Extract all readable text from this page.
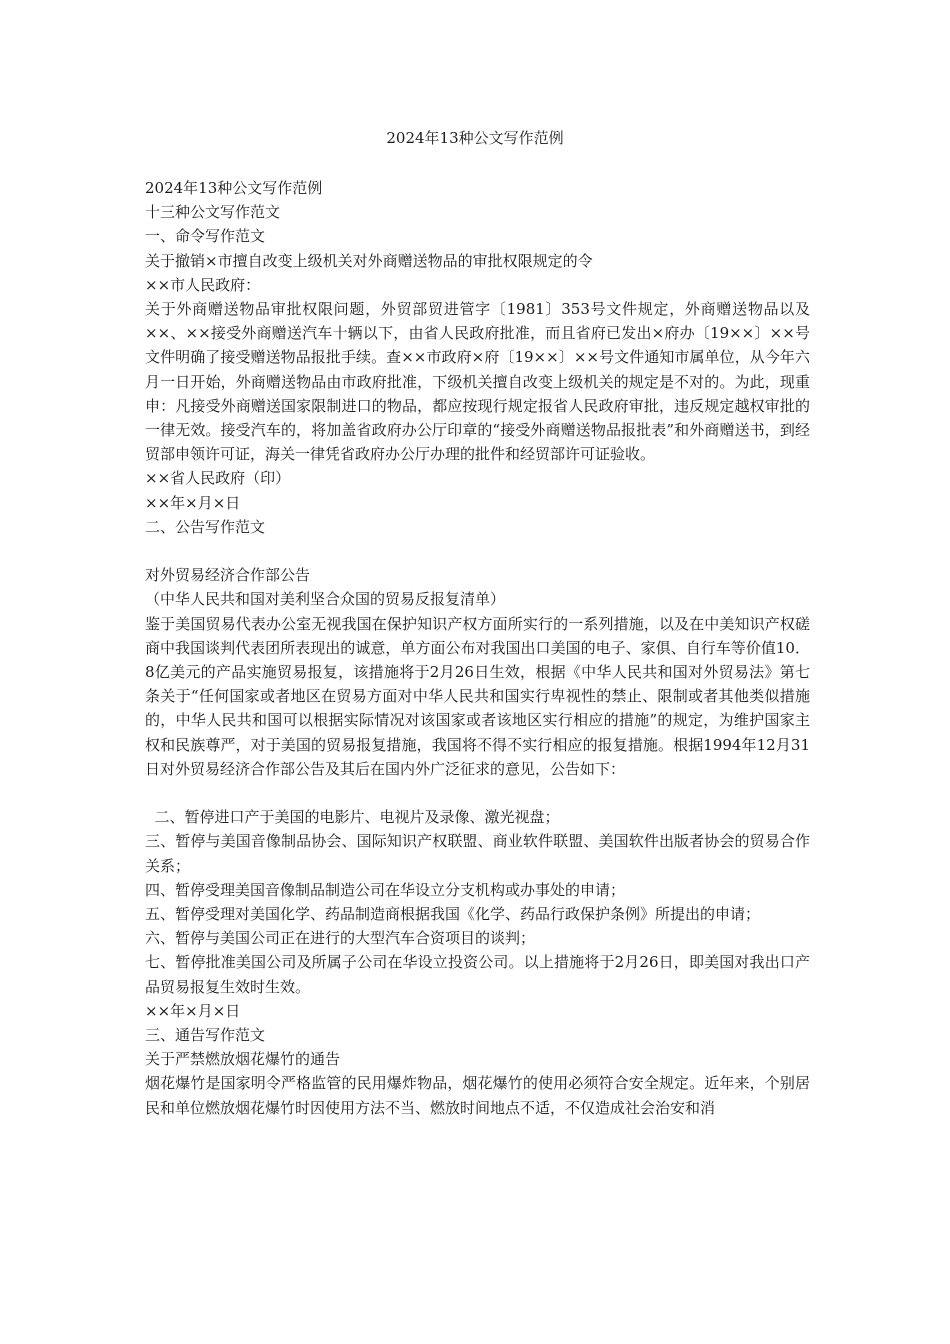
2024年13种公文写作范例

2024年13种公文写作范例

十三种公文写作范文

一、命令写作范文

关于撤销×市擅自改变上级机关对外商赠送物品的审批权限规定的令

××市人民政府：

关于外商赠送物品审批权限问题，外贸部贸进管字〔1981〕353号文件规定，外商赠送物品以及××、××接受外商赠送汽车十辆以下，由省人民政府批准，而且省府已发出×府办〔19××〕××号文件明确了接受赠送物品报批手续。查××市政府×府〔19××〕××号文件通知市属单位，从今年六月一日开始，外商赠送物品由市政府批准，下级机关擅自改变上级机关的规定是不对的。为此，现重申：凡接受外商赠送国家限制进口的物品，都应按现行规定报省人民政府审批，违反规定越权审批的一律无效。接受汽车的，将加盖省政府办公厅印章的“接受外商赠送物品报批表”和外商赠送书，到经贸部申领许可证，海关一律凭省政府办公厅办理的批件和经贸部许可证验收。

××省人民政府（印）

××年×月×日

二、公告写作范文

对外贸易经济合作部公告

（中华人民共和国对美利坚合众国的贸易反报复清单）

鉴于美国贸易代表办公室无视我国在保护知识产权方面所实行的一系列措施，以及在中美知识产权磋商中我国谈判代表团所表现出的诚意，单方面公布对我国出口美国的电子、家俱、自行车等价值10．8亿美元的产品实施贸易报复，该措施将于2月26日生效，根据《中华人民共和国对外贸易法》第七条关于“任何国家或者地区在贸易方面对中华人民共和国实行卑视性的禁止、限制或者其他类似措施的，中华人民共和国可以根据实际情况对该国家或者该地区实行相应的措施”的规定，为维护国家主权和民族尊严，对于美国的贸易报复措施，我国将不得不实行相应的报复措施。根据1994年12月31日对外贸易经济合作部公告及其后在国内外广泛征求的意见，公告如下：

二、暂停进口产于美国的电影片、电视片及录像、激光视盘；

三、暂停与美国音像制品协会、国际知识产权联盟、商业软件联盟、美国软件出版者协会的贸易合作关系；

四、暂停受理美国音像制品制造公司在华设立分支机构或办事处的申请；

五、暂停受理对美国化学、药品制造商根据我国《化学、药品行政保护条例》所提出的申请；

六、暂停与美国公司正在进行的大型汽车合资项目的谈判；

七、暂停批准美国公司及所属子公司在华设立投资公司。以上措施将于2月26日，即美国对我出口产品贸易报复生效时生效。

××年×月×日

三、通告写作范文

关于严禁燃放烟花爆竹的通告

烟花爆竹是国家明令严格监管的民用爆炸物品，烟花爆竹的使用必须符合安全规定。近年来，个别居民和单位燃放烟花爆竹时因使用方法不当、燃放时间地点不适，不仅造成社会治安和消
